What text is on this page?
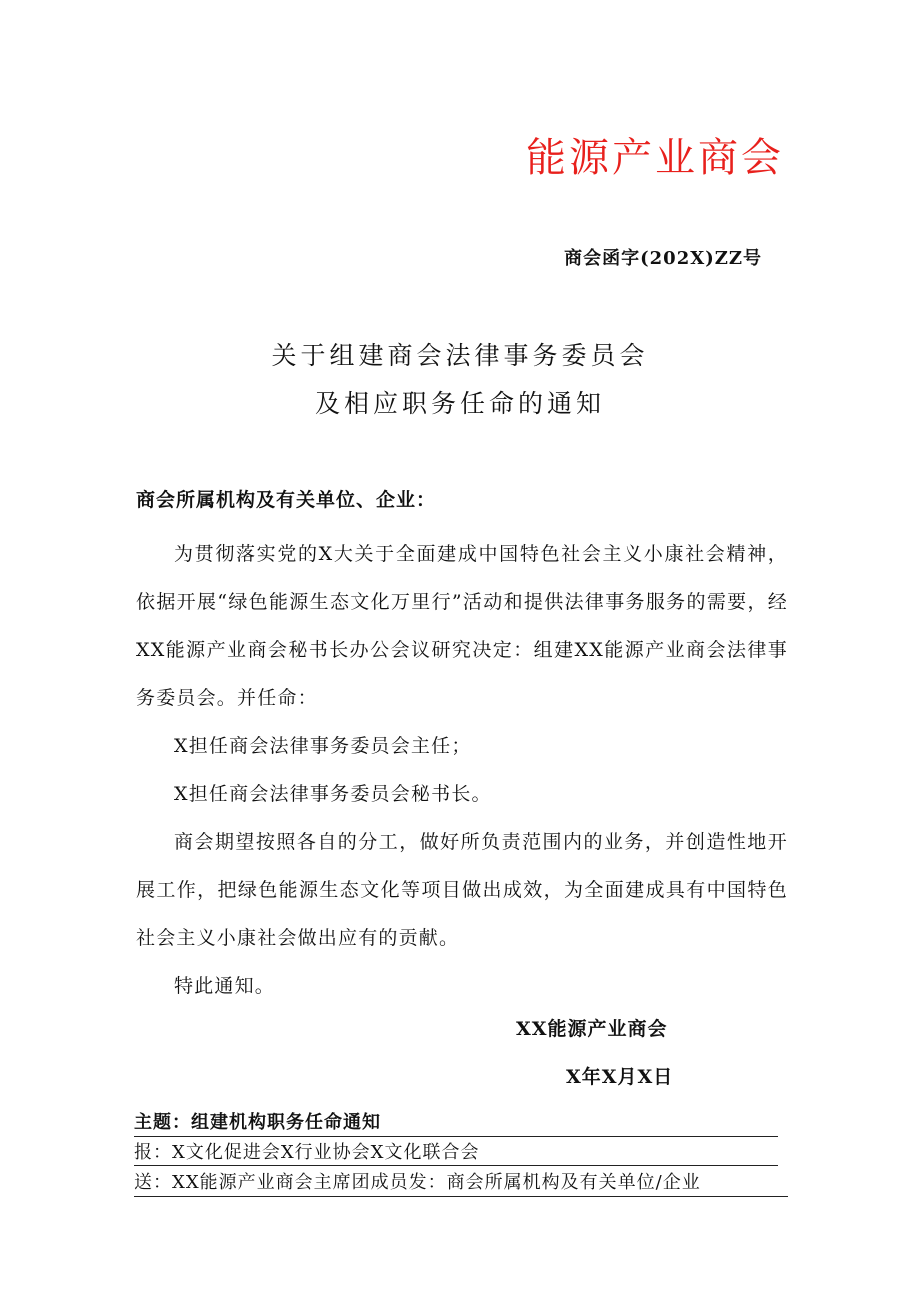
能源产业商会
商会函字(202X)ZZ号
关于组建商会法律事务委员会
及相应职务任命的通知
商会所属机构及有关单位、企业：

为贯彻落实党的X大关于全面建成中国特色社会主义小康社会精神，依据开展“绿色能源生态文化万里行”活动和提供法律事务服务的需要，经XX能源产业商会秘书长办公会议研究决定：组建XX能源产业商会法律事务委员会。并任命：

X担任商会法律事务委员会主任；

X担任商会法律事务委员会秘书长。

商会期望按照各自的分工，做好所负责范围内的业务，并创造性地开展工作，把绿色能源生态文化等项目做出成效，为全面建成具有中国特色社会主义小康社会做出应有的贡献。

特此通知。

XX能源产业商会
X年X月X日
主题：组建机构职务任命通知
报：X文化促进会X行业协会X文化联合会
送：XX能源产业商会主席团成员发：商会所属机构及有关单位/企业
